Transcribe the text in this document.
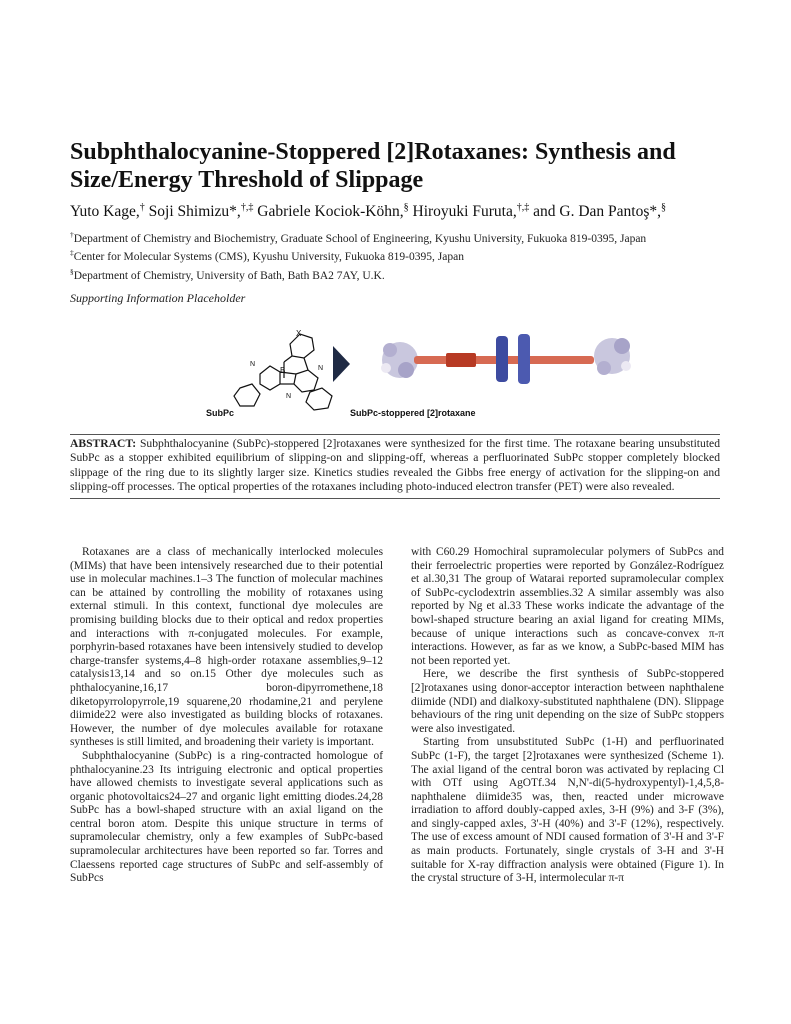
Subphthalocyanine-Stoppered [2]Rotaxanes: Synthesis and Size/Energy Threshold of Slippage
Yuto Kage,† Soji Shimizu*,†,‡ Gabriele Kociok-Köhn,§ Hiroyuki Furuta,†,‡ and G. Dan Pantoş*,§
†Department of Chemistry and Biochemistry, Graduate School of Engineering, Kyushu University, Fukuoka 819-0395, Japan
‡Center for Molecular Systems (CMS), Kyushu University, Fukuoka 819-0395, Japan
§Department of Chemistry, University of Bath, Bath BA2 7AY, U.K.
Supporting Information Placeholder
X
B
N
N
N
SubPc	SubPc-stoppered [2]rotaxane
ABSTRACT: Subphthalocyanine (SubPc)-stoppered [2]rotaxanes were synthesized for the first time. The rotaxane bearing unsubstituted SubPc as a stopper exhibited equilibrium of slipping-on and slipping-off, whereas a perfluorinated SubPc stopper completely blocked slippage of the ring due to its slightly larger size. Kinetics studies revealed the Gibbs free energy of activation for the slipping-on and slipping-off processes. The optical properties of the rotaxanes including photo-induced electron transfer (PET) were also revealed.

Rotaxanes are a class of mechanically interlocked molecules (MIMs) that have been intensively researched due to their potential use in molecular machines.1–3 The function of molecular machines can be attained by controlling the mobility of rotaxanes using external stimuli. In this context, functional dye molecules are promising building blocks due to their optical and redox properties and interactions with π-conjugated molecules. For example, porphyrin-based rotaxanes have been intensively studied to develop charge-transfer systems,4–8 high-order rotaxane assemblies,9–12 catalysis13,14 and so on.15 Other dye molecules such as phthalocyanine,16,17 boron-dipyrromethene,18 diketopyrrolopyrrole,19 squarene,20 rhodamine,21 and perylene diimide22 were also investigated as building blocks of rotaxanes. However, the number of dye molecules available for rotaxane syntheses is still limited, and broadening their variety is important.

Subphthalocyanine (SubPc) is a ring-contracted homologue of phthalocyanine.23 Its intriguing electronic and optical properties have allowed chemists to investigate several applications such as organic photovoltaics24–27 and organic light emitting diodes.24,28 SubPc has a bowl-shaped structure with an axial ligand on the central boron atom. Despite this unique structure in terms of supramolecular chemistry, only a few examples of SubPc-based supramolecular architectures have been reported so far. Torres and Claessens reported cage structures of SubPc and self-assembly of SubPcs

with C60.29 Homochiral supramolecular polymers of SubPcs and their ferroelectric properties were reported by González-Rodríguez et al.30,31 The group of Watarai reported supramolecular complex of SubPc-cyclodextrin assemblies.32 A similar assembly was also reported by Ng et al.33 These works indicate the advantage of the bowl-shaped structure bearing an axial ligand for creating MIMs, because of unique interactions such as concave-convex π-π interactions. However, as far as we know, a SubPc-based MIM has not been reported yet.

Here, we describe the first synthesis of SubPc-stoppered [2]rotaxanes using donor-acceptor interaction between naphthalene diimide (NDI) and dialkoxy-substituted naphthalene (DN). Slippage behaviours of the ring unit depending on the size of SubPc stoppers were also investigated.

Starting from unsubstituted SubPc (1-H) and perfluorinated SubPc (1-F), the target [2]rotaxanes were synthesized (Scheme 1). The axial ligand of the central boron was activated by replacing Cl with OTf using AgOTf.34 N,N'-di(5-hydroxypentyl)-1,4,5,8-naphthalene diimide35 was, then, reacted under microwave irradiation to afford doubly-capped axles, 3-H (9%) and 3-F (3%), and singly-capped axles, 3'-H (40%) and 3'-F (12%), respectively. The use of excess amount of NDI caused formation of 3'-H and 3'-F as main products. Fortunately, single crystals of 3-H and 3'-H suitable for X-ray diffraction analysis were obtained (Figure 1). In the crystal structure of 3-H, intermolecular π-π
